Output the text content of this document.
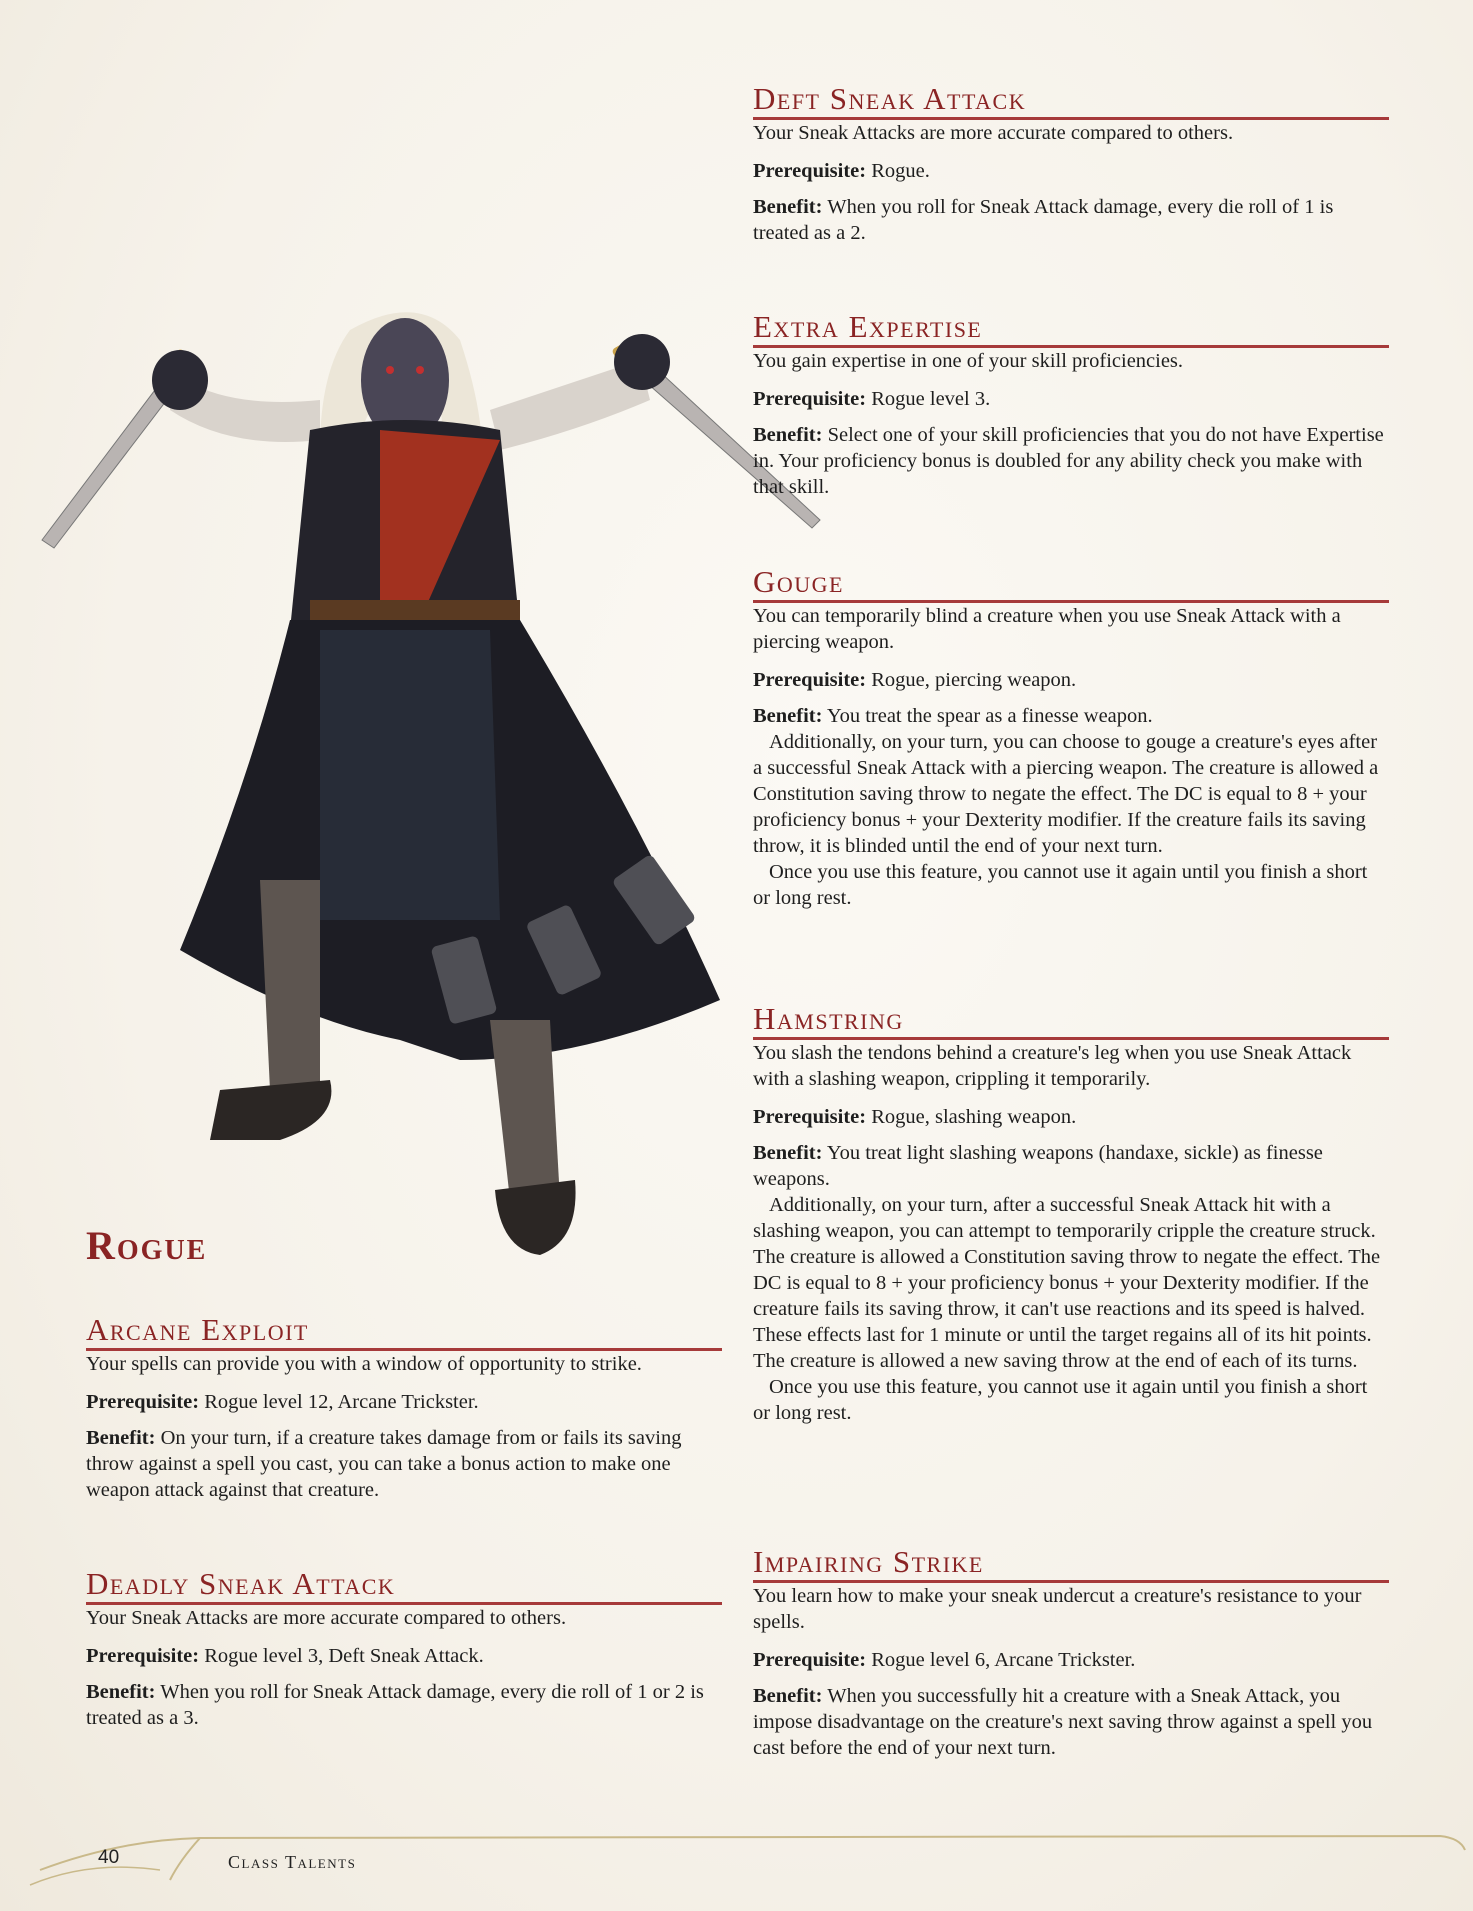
Rogue
Deft Sneak Attack

Your Sneak Attacks are more accurate compared to others.

Prerequisite: Rogue.

Benefit: When you roll for Sneak Attack damage, every die roll of 1 is treated as a 2.

Extra Expertise

You gain expertise in one of your skill proficiencies.

Prerequisite: Rogue level 3.

Benefit: Select one of your skill proficiencies that you do not have Expertise in. Your proficiency bonus is doubled for any ability check you make with that skill.

Gouge

You can temporarily blind a creature when you use Sneak Attack with a piercing weapon.

Prerequisite: Rogue, piercing weapon.

Benefit: You treat the spear as a finesse weapon.

Additionally, on your turn, you can choose to gouge a creature's eyes after a successful Sneak Attack with a piercing weapon. The creature is allowed a Constitution saving throw to negate the effect. The DC is equal to 8 + your proficiency bonus + your Dexterity modifier. If the creature fails its saving throw, it is blinded until the end of your next turn.

Once you use this feature, you cannot use it again until you finish a short or long rest.

Hamstring

You slash the tendons behind a creature's leg when you use Sneak Attack with a slashing weapon, crippling it temporarily.

Prerequisite: Rogue, slashing weapon.

Benefit: You treat light slashing weapons (handaxe, sickle) as finesse weapons.

Additionally, on your turn, after a successful Sneak Attack hit with a slashing weapon, you can attempt to temporarily cripple the creature struck. The creature is allowed a Constitution saving throw to negate the effect. The DC is equal to 8 + your proficiency bonus + your Dexterity modifier. If the creature fails its saving throw, it can't use reactions and its speed is halved. These effects last for 1 minute or until the target regains all of its hit points. The creature is allowed a new saving throw at the end of each of its turns.

Once you use this feature, you cannot use it again until you finish a short or long rest.

Impairing Strike

You learn how to make your sneak undercut a creature's resistance to your spells.

Prerequisite: Rogue level 6, Arcane Trickster.

Benefit: When you successfully hit a creature with a Sneak Attack, you impose disadvantage on the creature's next saving throw against a spell you cast before the end of your next turn.

Arcane Exploit

Your spells can provide you with a window of opportunity to strike.

Prerequisite: Rogue level 12, Arcane Trickster.

Benefit: On your turn, if a creature takes damage from or fails its saving throw against a spell you cast, you can take a bonus action to make one weapon attack against that creature.

Deadly Sneak Attack

Your Sneak Attacks are more accurate compared to others.

Prerequisite: Rogue level 3, Deft Sneak Attack.

Benefit: When you roll for Sneak Attack damage, every die roll of 1 or 2 is treated as a 3.

40	Class Talents
